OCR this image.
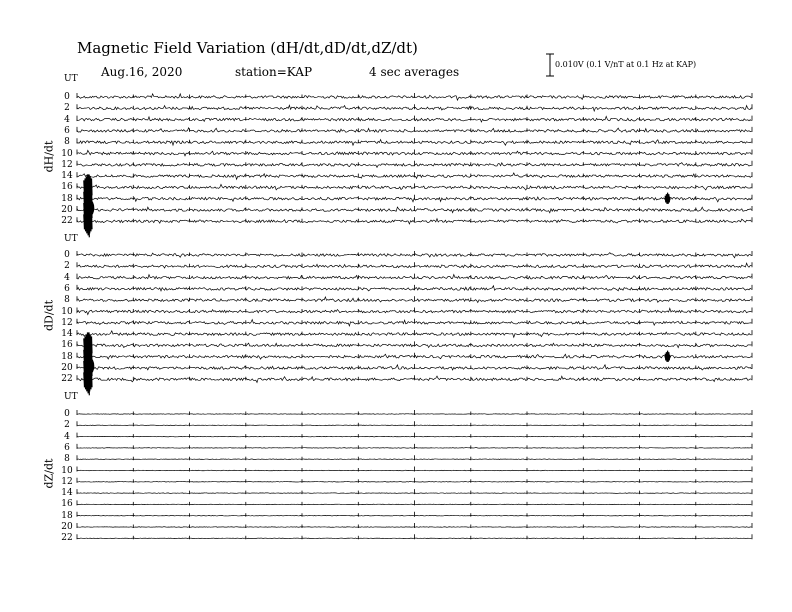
Magnetic Field Variation (dH/dt,dD/dt,dZ/dt)
Aug.16, 2020	station=KAP	4 sec averages
0.010V (0.1 V/nT at 0.1 Hz at KAP)
UT
dH/dt
0
2
4
6
8
10
12
14
16
18
20
22
UT
dD/dt
0
2
4
6
8
10
12
14
16
18
20
22
UT
dZ/dt
0
2
4
6
8
10
12
14
16
18
20
22
